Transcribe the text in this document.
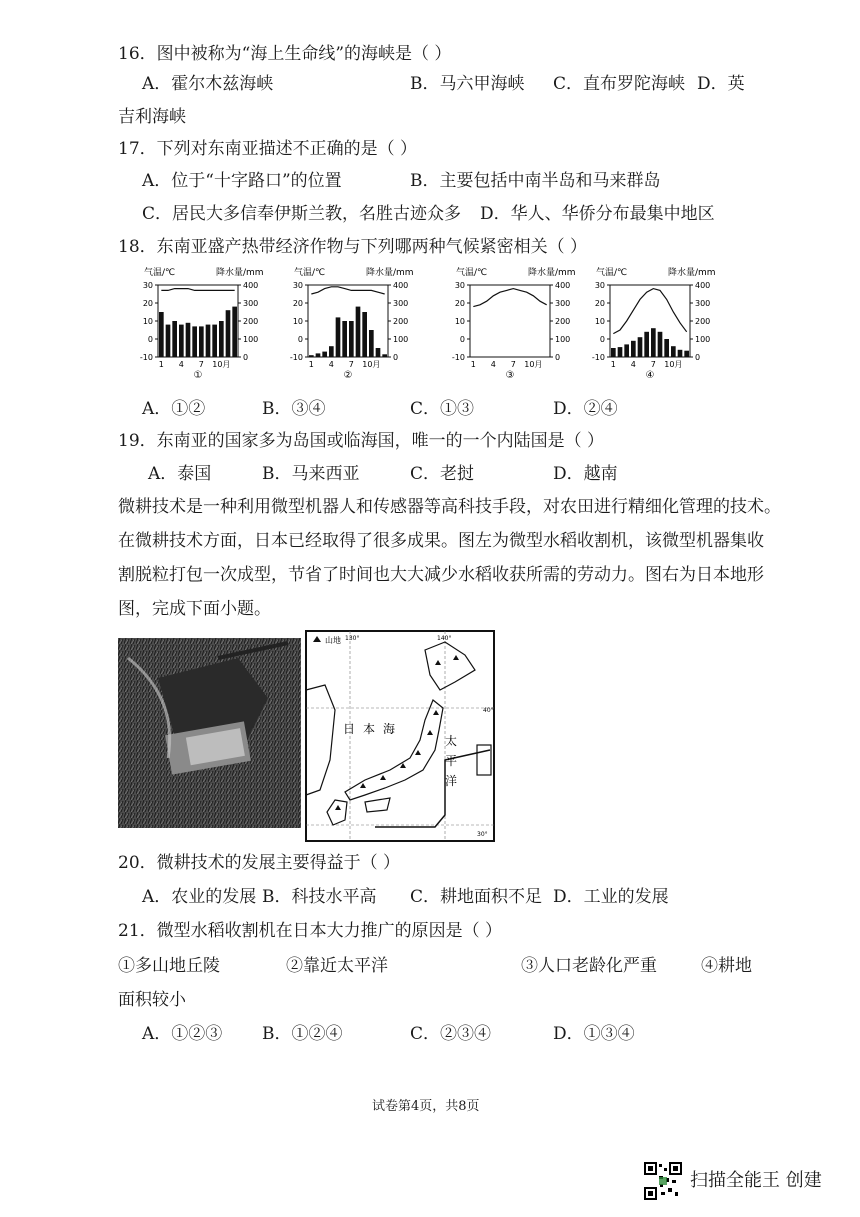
16．图中被称为“海上生命线”的海峡是（ ）
A．霍尔木兹海峡	B．马六甲海峡 C．直布罗陀海峡 D．英
吉利海峡
17．下列对东南亚描述不正确的是（ ）
A．位于“十字路口”的位置	B．主要包括中南半岛和马来群岛
C．居民大多信奉伊斯兰教，名胜古迹众多 D．华人、华侨分布最集中地区
18．东南亚盛产热带经济作物与下列哪两种气候紧密相关（ ）
气温/℃	降水量/mm
30
20
10
0
-10
400
300
200
100
0
1 4 7 10月
①
气温/℃	降水量/mm
30
20
10
0
-10
400
300
200
100
0
1 4 7 10月
②
气温/℃	降水量/mm
30
20
10
0
-10
400
300
200
100
0
1 4 7 10月
③
气温/℃	降水量/mm
30
20
10
0
-10
400
300
200
100
0
1 4 7 10月
④
A．①②	B．③④	C．①③	D．②④
19．东南亚的国家多为岛国或临海国，唯一的一个内陆国是（ ）
A．泰国	B．马来西亚	C．老挝	D．越南
微耕技术是一种利用微型机器人和传感器等高科技手段，对农田进行精细化管理的技术。
在微耕技术方面，日本已经取得了很多成果。图左为微型水稻收割机，该微型机器集收
割脱粒打包一次成型，节省了时间也大大减少水稻收获所需的劳动力。图右为日本地形
图，完成下面小题。
山地 130°	140°
40°
30°
日 本 海
太
平
洋
20．微耕技术的发展主要得益于（ ）
A．农业的发展 B．科技水平高 C．耕地面积不足 D．工业的发展
21．微型水稻收割机在日本大力推广的原因是（ ）
①多山地丘陵	②靠近太平洋	③人口老龄化严重	④耕地
面积较小
A．①②③ B．①②④	C．②③④	D．①③④
试卷第4页，共8页
扫描全能王 创建
